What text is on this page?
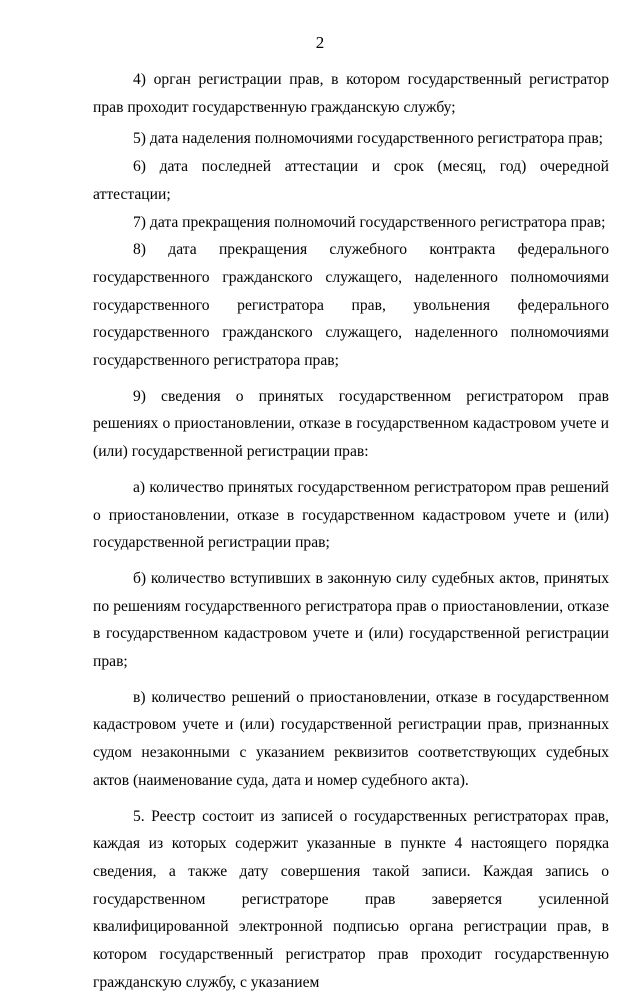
2

4) орган регистрации прав, в котором государственный регистратор прав проходит государственную гражданскую службу;

5) дата наделения полномочиями государственного регистратора прав;

6) дата последней аттестации и срок (месяц, год) очередной аттестации;

7) дата прекращения полномочий государственного регистратора прав;

8) дата прекращения служебного контракта федерального государственного гражданского служащего, наделенного полномочиями государственного регистратора прав, увольнения федерального государственного гражданского служащего, наделенного полномочиями государственного регистратора прав;

9) сведения о принятых государственном регистратором прав решениях о приостановлении, отказе в государственном кадастровом учете и (или) государственной регистрации прав:

а) количество принятых государственном регистратором прав решений о приостановлении, отказе в государственном кадастровом учете и (или) государственной регистрации прав;

б) количество вступивших в законную силу судебных актов, принятых по решениям государственного регистратора прав о приостановлении, отказе в государственном кадастровом учете и (или) государственной регистрации прав;

в) количество решений о приостановлении, отказе в государственном кадастровом учете и (или) государственной регистрации прав, признанных судом незаконными с указанием реквизитов соответствующих судебных актов (наименование суда, дата и номер судебного акта).

5. Реестр состоит из записей о государственных регистраторах прав, каждая из которых содержит указанные в пункте 4 настоящего порядка сведения, а также дату совершения такой записи. Каждая запись о государственном регистраторе прав заверяется усиленной квалифицированной электронной подписью органа регистрации прав, в котором государственный регистратор прав проходит государственную гражданскую службу, с указанием
